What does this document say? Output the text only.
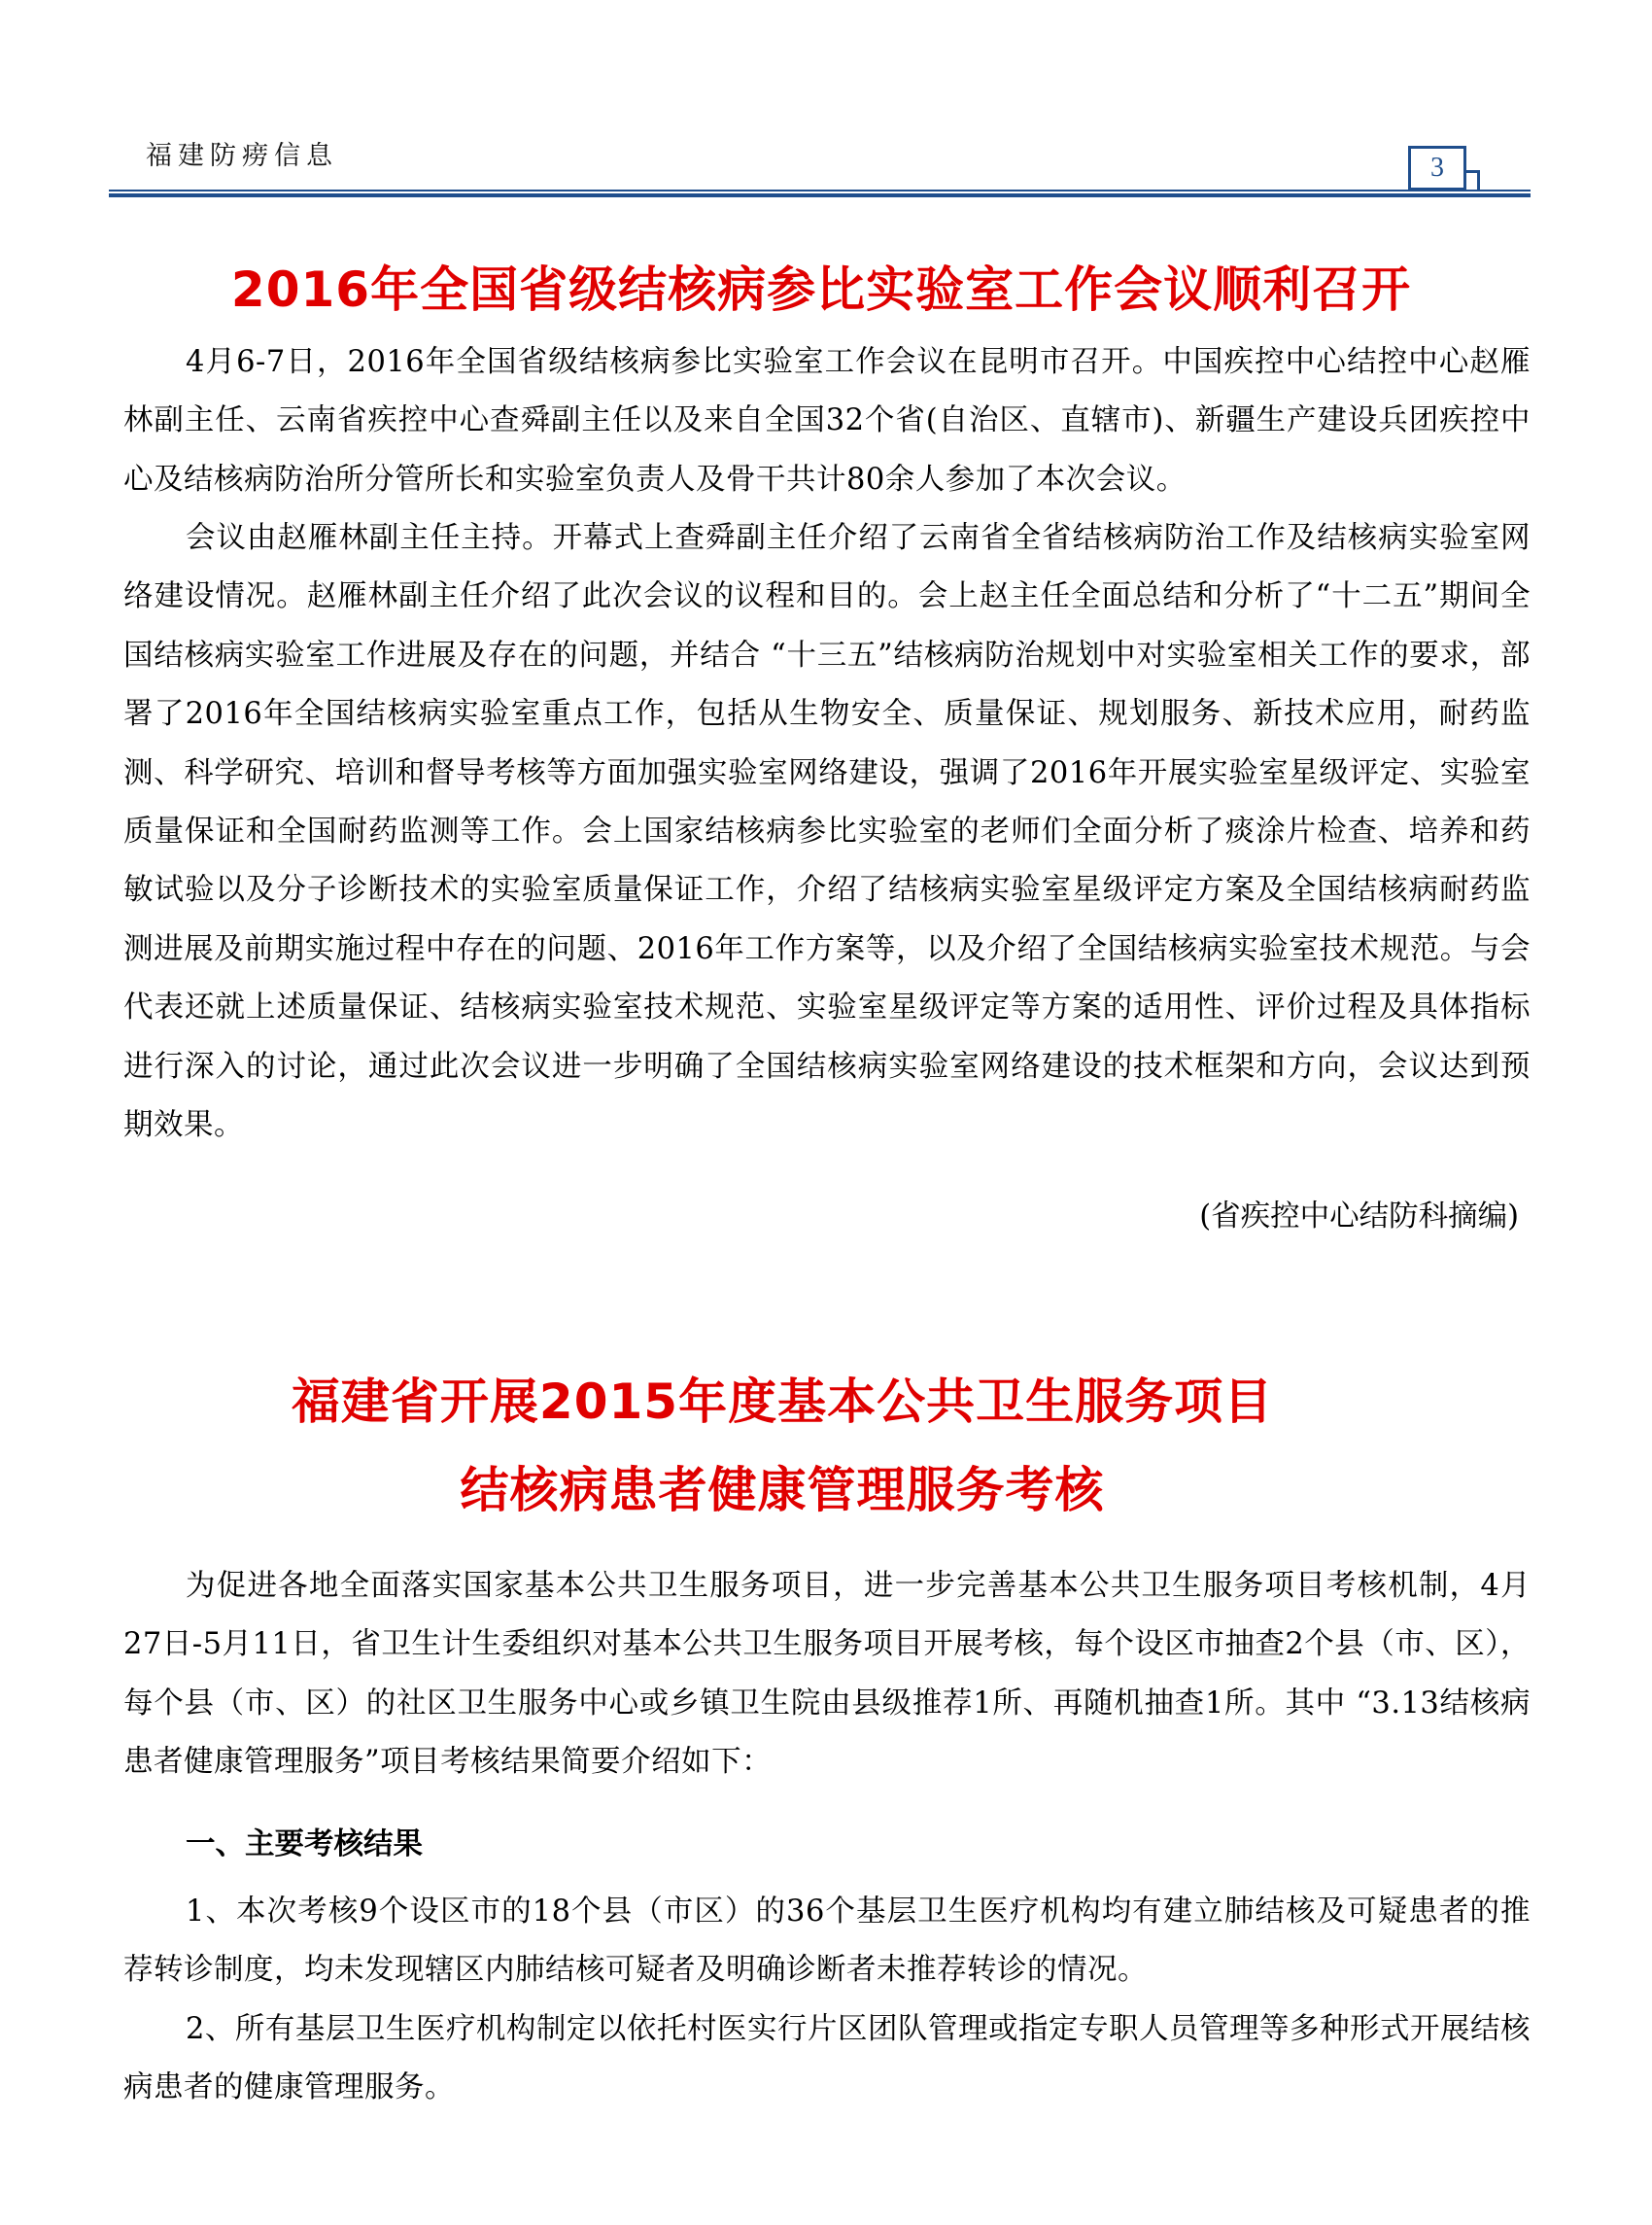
福建防痨信息	3
2016年全国省级结核病参比实验室工作会议顺利召开

4月6-7日，2016年全国省级结核病参比实验室工作会议在昆明市召开。中国疾控中心结控中心赵雁林副主任、云南省疾控中心查舜副主任以及来自全国32个省(自治区、直辖市)、新疆生产建设兵团疾控中心及结核病防治所分管所长和实验室负责人及骨干共计80余人参加了本次会议。

会议由赵雁林副主任主持。开幕式上查舜副主任介绍了云南省全省结核病防治工作及结核病实验室网络建设情况。赵雁林副主任介绍了此次会议的议程和目的。会上赵主任全面总结和分析了“十二五”期间全国结核病实验室工作进展及存在的问题，并结合 “十三五”结核病防治规划中对实验室相关工作的要求，部署了2016年全国结核病实验室重点工作，包括从生物安全、质量保证、规划服务、新技术应用，耐药监测、科学研究、培训和督导考核等方面加强实验室网络建设，强调了2016年开展实验室星级评定、实验室质量保证和全国耐药监测等工作。会上国家结核病参比实验室的老师们全面分析了痰涂片检查、培养和药敏试验以及分子诊断技术的实验室质量保证工作，介绍了结核病实验室星级评定方案及全国结核病耐药监测进展及前期实施过程中存在的问题、2016年工作方案等，以及介绍了全国结核病实验室技术规范。与会代表还就上述质量保证、结核病实验室技术规范、实验室星级评定等方案的适用性、评价过程及具体指标进行深入的讨论，通过此次会议进一步明确了全国结核病实验室网络建设的技术框架和方向，会议达到预期效果。

(省疾控中心结防科摘编)
福建省开展2015年度基本公共卫生服务项目
结核病患者健康管理服务考核

为促进各地全面落实国家基本公共卫生服务项目，进一步完善基本公共卫生服务项目考核机制，4月27日-5月11日，省卫生计生委组织对基本公共卫生服务项目开展考核，每个设区市抽查2个县（市、区），每个县（市、区）的社区卫生服务中心或乡镇卫生院由县级推荐1所、再随机抽查1所。其中 “3.13结核病患者健康管理服务”项目考核结果简要介绍如下：

一、主要考核结果

1、本次考核9个设区市的18个县（市区）的36个基层卫生医疗机构均有建立肺结核及可疑患者的推荐转诊制度，均未发现辖区内肺结核可疑者及明确诊断者未推荐转诊的情况。

2、所有基层卫生医疗机构制定以依托村医实行片区团队管理或指定专职人员管理等多种形式开展结核病患者的健康管理服务。
